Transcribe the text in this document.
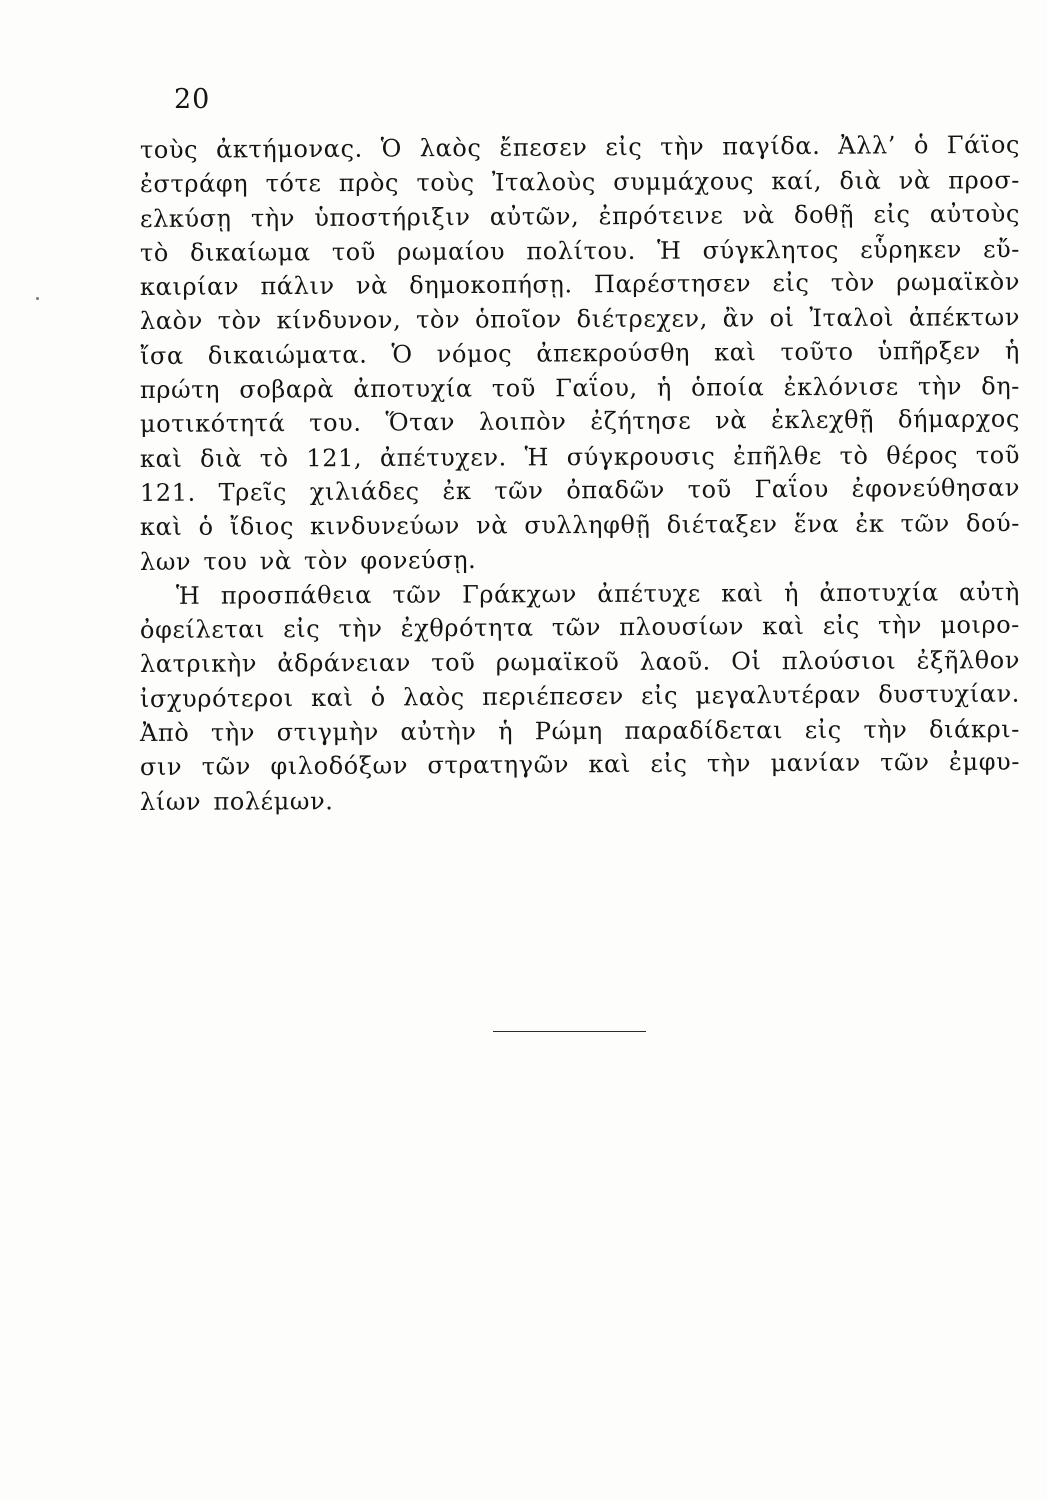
20
τοὺς ἀκτήμονας. Ὁ λαὸς ἔπεσεν εἰς τὴν παγίδα. Ἀλλ’ ὁ Γάϊος
ἐστράφη τότε πρὸς τοὺς Ἰταλοὺς συμμάχους καί, διὰ νὰ προσ-
ελκύσῃ τὴν ὑποστήριξιν αὐτῶν, ἐπρότεινε νὰ δοθῇ εἰς αὐτοὺς
τὸ δικαίωμα τοῦ ρωμαίου πολίτου. Ἡ σύγκλητος εὗρηκεν εὔ-
καιρίαν πάλιν νὰ δημοκοπήσῃ. Παρέστησεν εἰς τὸν ρωμαϊκὸν
λαὸν τὸν κίνδυνον, τὸν ὁποῖον διέτρεχεν, ἂν οἱ Ἰταλοὶ ἀπέκτων
ἴσα δικαιώματα. Ὁ νόμος ἀπεκρούσθη καὶ τοῦτο ὑπῆρξεν ἡ
πρώτη σοβαρὰ ἀποτυχία τοῦ Γαΐου, ἡ ὁποία ἐκλόνισε τὴν δη-
μοτικότητά του. Ὅταν λοιπὸν ἐζήτησε νὰ ἐκλεχθῇ δήμαρχος
καὶ διὰ τὸ 121, ἀπέτυχεν. Ἡ σύγκρουσις ἐπῆλθε τὸ θέρος τοῦ
121. Τρεῖς χιλιάδες ἐκ τῶν ὀπαδῶν τοῦ Γαΐου ἐφονεύθησαν
καὶ ὁ ἴδιος κινδυνεύων νὰ συλληφθῇ διέταξεν ἕνα ἐκ τῶν δού-
λων του νὰ τὸν φονεύσῃ.
Ἡ προσπάθεια τῶν Γράκχων ἀπέτυχε καὶ ἡ ἀποτυχία αὐτὴ
ὀφείλεται εἰς τὴν ἐχθρότητα τῶν πλουσίων καὶ εἰς τὴν μοιρο-
λατρικὴν ἀδράνειαν τοῦ ρωμαϊκοῦ λαοῦ. Οἱ πλούσιοι ἐξῆλθον
ἰσχυρότεροι καὶ ὁ λαὸς περιέπεσεν εἰς μεγαλυτέραν δυστυχίαν.
Ἀπὸ τὴν στιγμὴν αὐτὴν ἡ Ρώμη παραδίδεται εἰς τὴν διάκρι-
σιν τῶν φιλοδόξων στρατηγῶν καὶ εἰς τὴν μανίαν τῶν ἐμφυ-
λίων πολέμων.
